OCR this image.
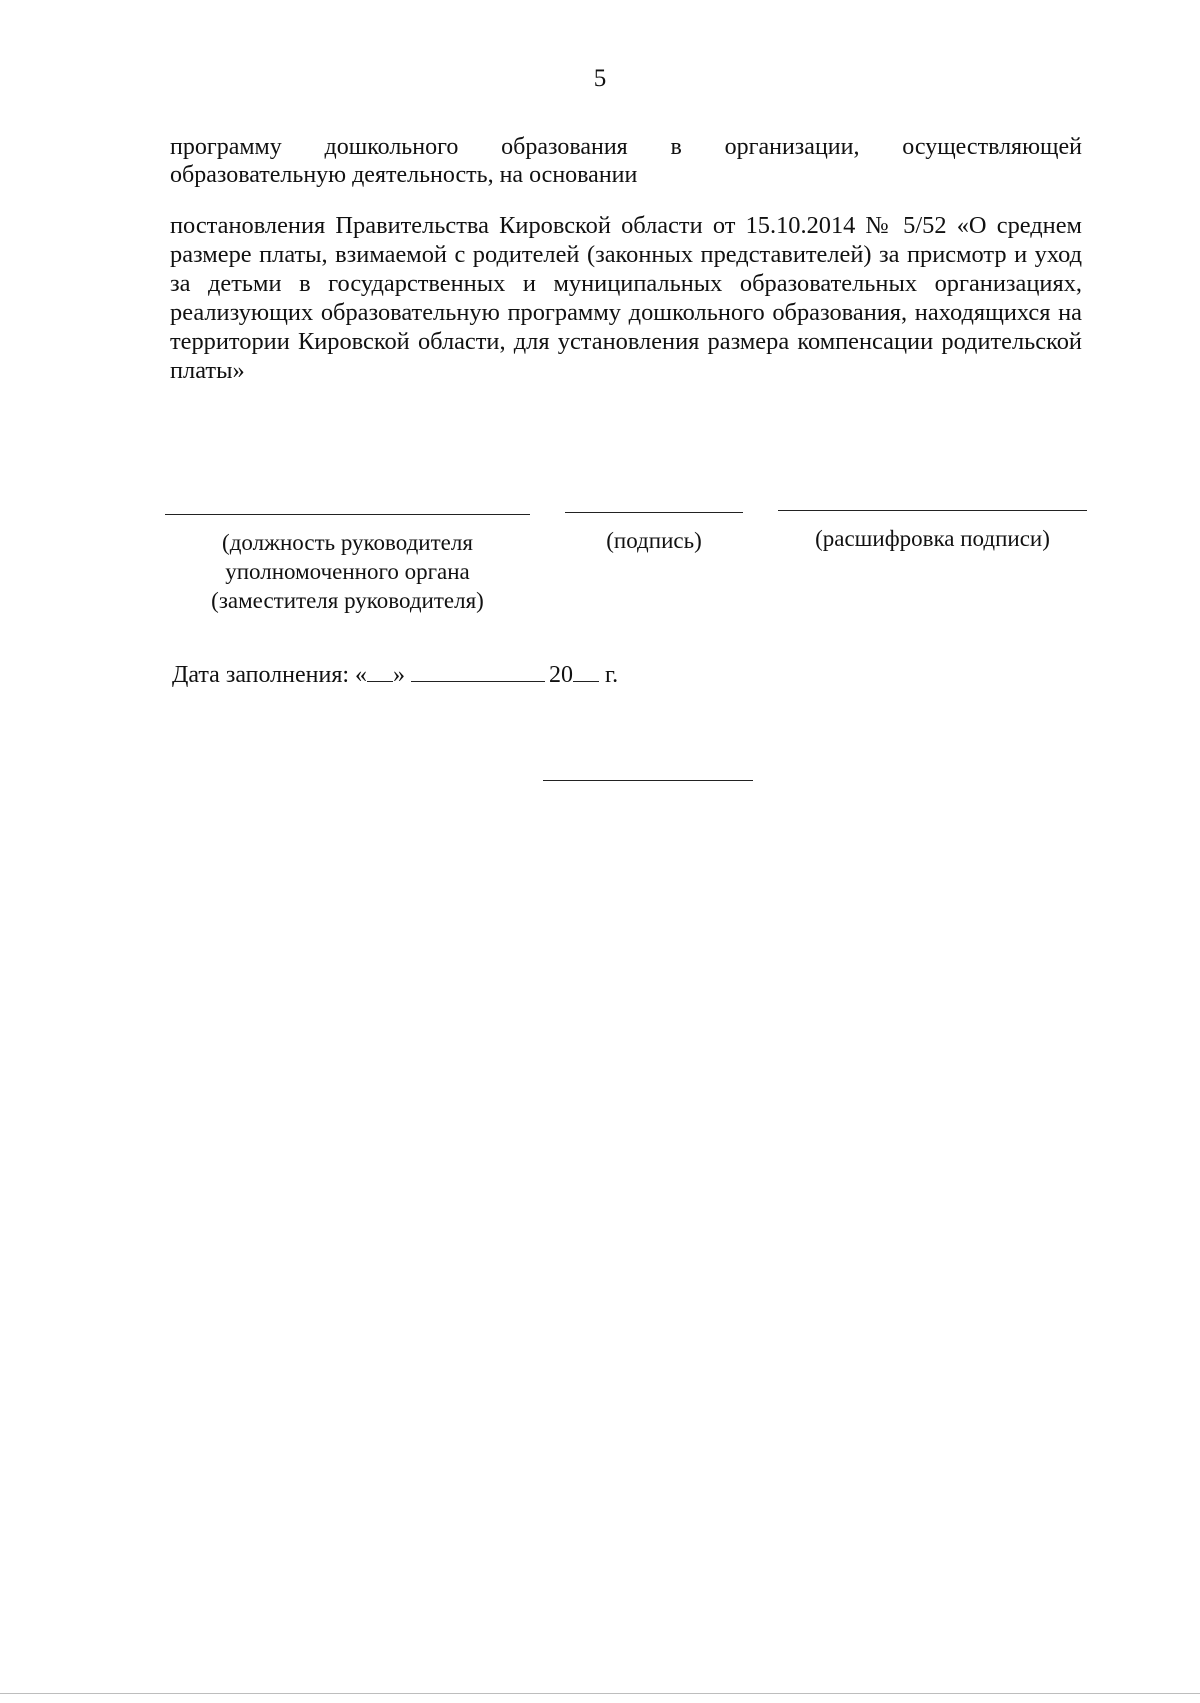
5
программу дошкольного образования в организации, осуществляющей
образовательную деятельность, на основании
постановления Правительства Кировской области от 15.10.2014 № 5/52 «О среднем размере платы, взимаемой с родителей (законных представителей) за присмотр и уход за детьми в государственных и муниципальных образовательных организациях, реализующих образовательную программу дошкольного образования, находящихся на территории Кировской области, для установления размера компенсации родительской платы»
(должность руководителя
уполномоченного органа
(заместителя руководителя)
(подпись)	(расшифровка подписи)
Дата заполнения: « »	20 г.
